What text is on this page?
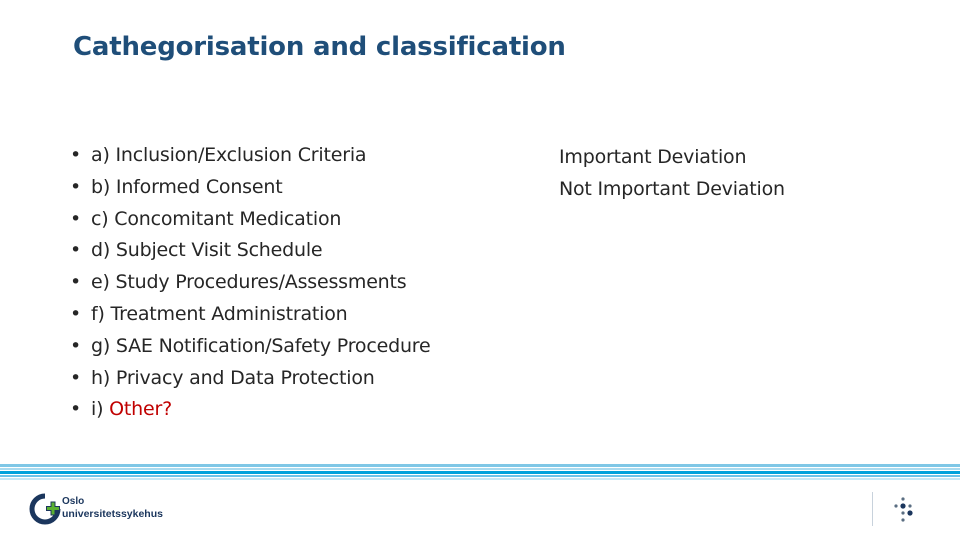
Cathegorisation and classification
• a) Inclusion/Exclusion Criteria
• b) Informed Consent
• c) Concomitant Medication
• d) Subject Visit Schedule
• e) Study Procedures/Assessments
• f) Treatment Administration
• g) SAE Notification/Safety Procedure
• h) Privacy and Data Protection
• i) Other?
Important Deviation
Not Important Deviation
Oslo
universitetssykehus
